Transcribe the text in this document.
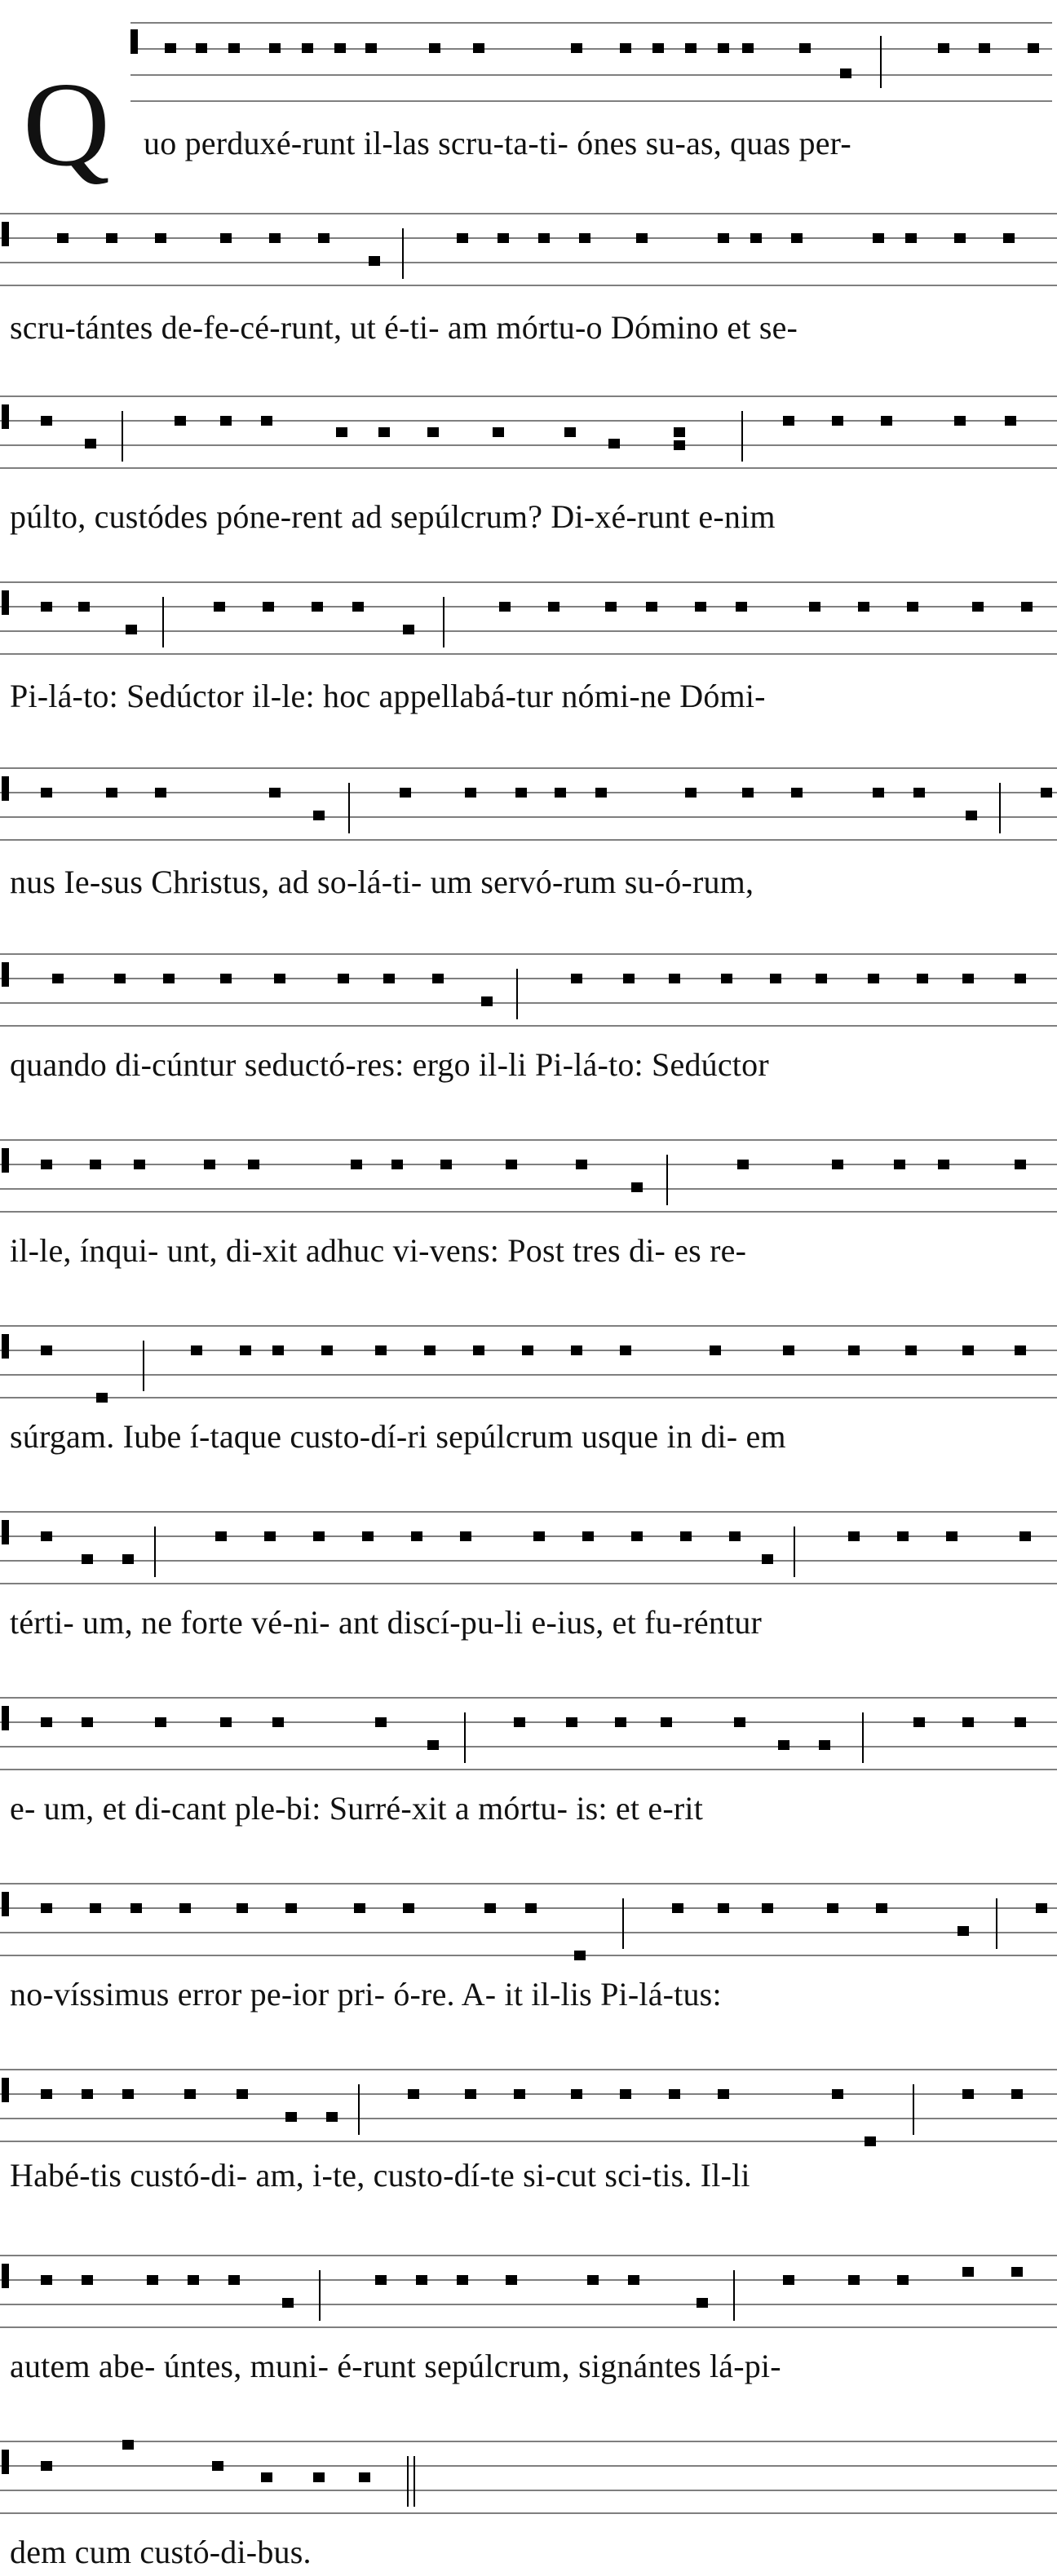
Q uo perduxé-runt il-las scru-ta-ti- ónes su-as, quas per-
scru-tántes de-fe-cé-runt, ut é-ti- am mórtu-o Dómino et se-
púlto, custódes póne-rent ad sepúlcrum? Di-xé-runt e-nim
Pi-lá-to: Sedúctor il-le: hoc appellabá-tur nómi-ne Dómi-
nus Ie-sus Christus, ad so-lá-ti- um servó-rum su-ó-rum,
quando di-cúntur seductó-res: ergo il-li Pi-lá-to: Sedúctor
il-le, ínqui- unt, di-xit adhuc vi-vens: Post tres di- es re-
súrgam. Iube í-taque custo-dí-ri sepúlcrum usque in di- em
térti- um, ne forte vé-ni- ant discí-pu-li e-ius, et fu-réntur
e- um, et di-cant ple-bi: Surré-xit a mórtu- is: et e-rit
no-víssimus error pe-ior pri- ó-re. A- it il-lis Pi-lá-tus:
Habé-tis custó-di- am, i-te, custo-dí-te si-cut sci-tis. Il-li
autem abe- úntes, muni- é-runt sepúlcrum, signántes lá-pi-
dem cum custó-di-bus.
